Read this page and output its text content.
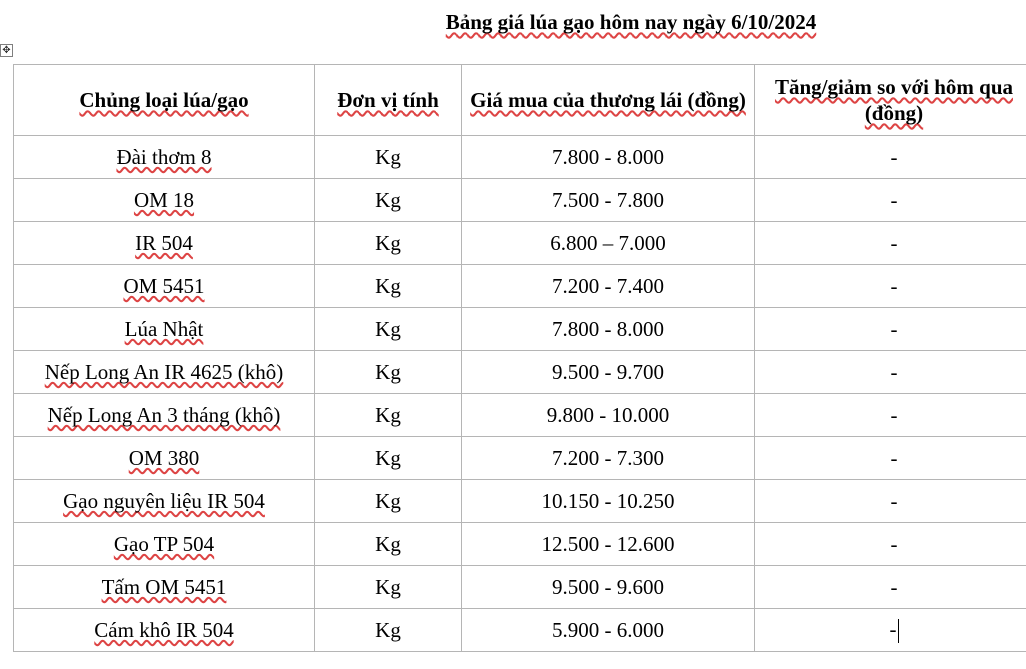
Bảng giá lúa gạo hôm nay ngày 6/10/2024
✥
Chủng loại lúa/gạo	Đơn vị tính	Giá mua của thương lái (đồng)	Tăng/giảm so với hôm qua (đồng)
Đài thơm 8	Kg	7.800 - 8.000	-
OM 18	Kg	7.500 - 7.800	-
IR 504	Kg	6.800 – 7.000	-
OM 5451	Kg	7.200 - 7.400	-
Lúa Nhật	Kg	7.800 - 8.000	-
Nếp Long An IR 4625 (khô)	Kg	9.500 - 9.700	-
Nếp Long An 3 tháng (khô)	Kg	9.800 - 10.000	-
OM 380	Kg	7.200 - 7.300	-
Gạo nguyên liệu IR 504	Kg	10.150 - 10.250	-
Gạo TP 504	Kg	12.500 - 12.600	-
Tấm OM 5451	Kg	9.500 - 9.600	-
Cám khô IR 504	Kg	5.900 - 6.000	-
